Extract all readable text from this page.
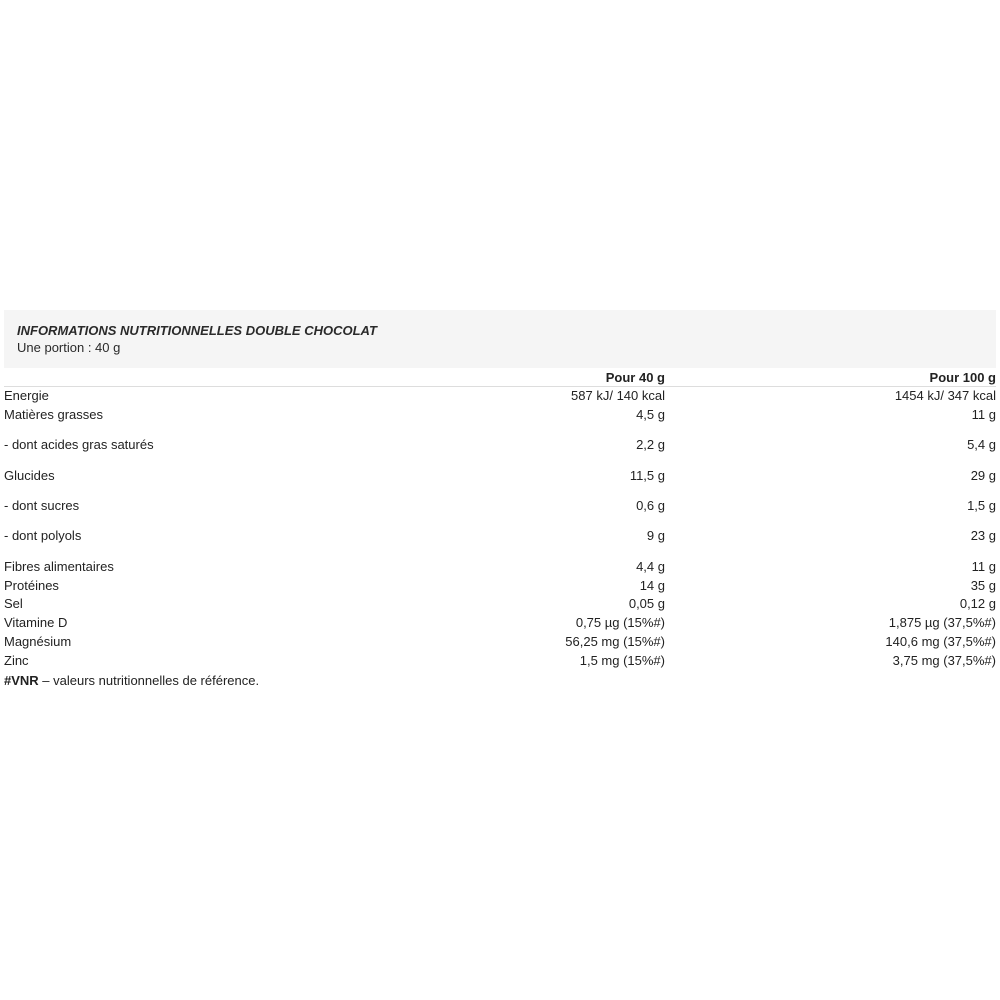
INFORMATIONS NUTRITIONNELLES DOUBLE CHOCOLAT
Une portion : 40 g
	Pour 40 g	Pour 100 g
Energie	587 kJ/ 140 kcal	1454 kJ/ 347 kcal
Matières grasses	4,5 g	11 g
- dont acides gras saturés	2,2 g	5,4 g
Glucides	11,5 g	29 g
- dont sucres	0,6 g	1,5 g
- dont polyols	9 g	23 g
Fibres alimentaires	4,4 g	11 g
Protéines	14 g	35 g
Sel	0,05 g	0,12 g
Vitamine D	0,75 µg (15%#)	1,875 µg (37,5%#)
Magnésium	56,25 mg (15%#)	140,6 mg (37,5%#)
Zinc	1,5 mg (15%#)	3,75 mg (37,5%#)
#VNR – valeurs nutritionnelles de référence.
